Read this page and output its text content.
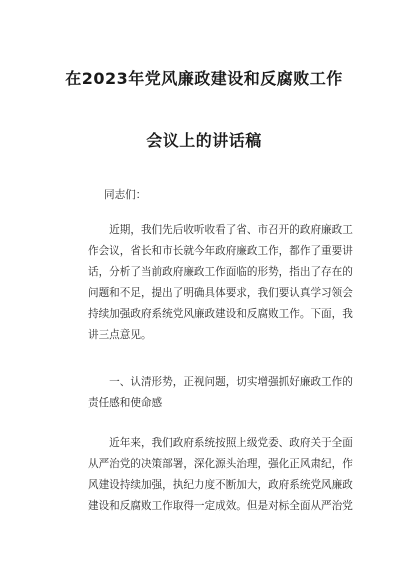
在2023年党风廉政建设和反腐败工作
会议上的讲话稿
同志们：
　　近期，我们先后收听收看了省、市召开的政府廉政工
作会议，省长和市长就今年政府廉政工作，都作了重要讲
话，分析了当前政府廉政工作面临的形势，指出了存在的
问题和不足，提出了明确具体要求，我们要认真学习领会
持续加强政府系统党风廉政建设和反腐败工作。下面，我
讲三点意见。
　　一、认清形势，正视问题，切实增强抓好廉政工作的
责任感和使命感
　　近年来，我们政府系统按照上级党委、政府关于全面
从严治党的决策部署，深化源头治理，强化正风肃纪，作
风建设持续加强，执纪力度不断加大，政府系统党风廉政
建设和反腐败工作取得一定成效。但是对标全面从严治党
